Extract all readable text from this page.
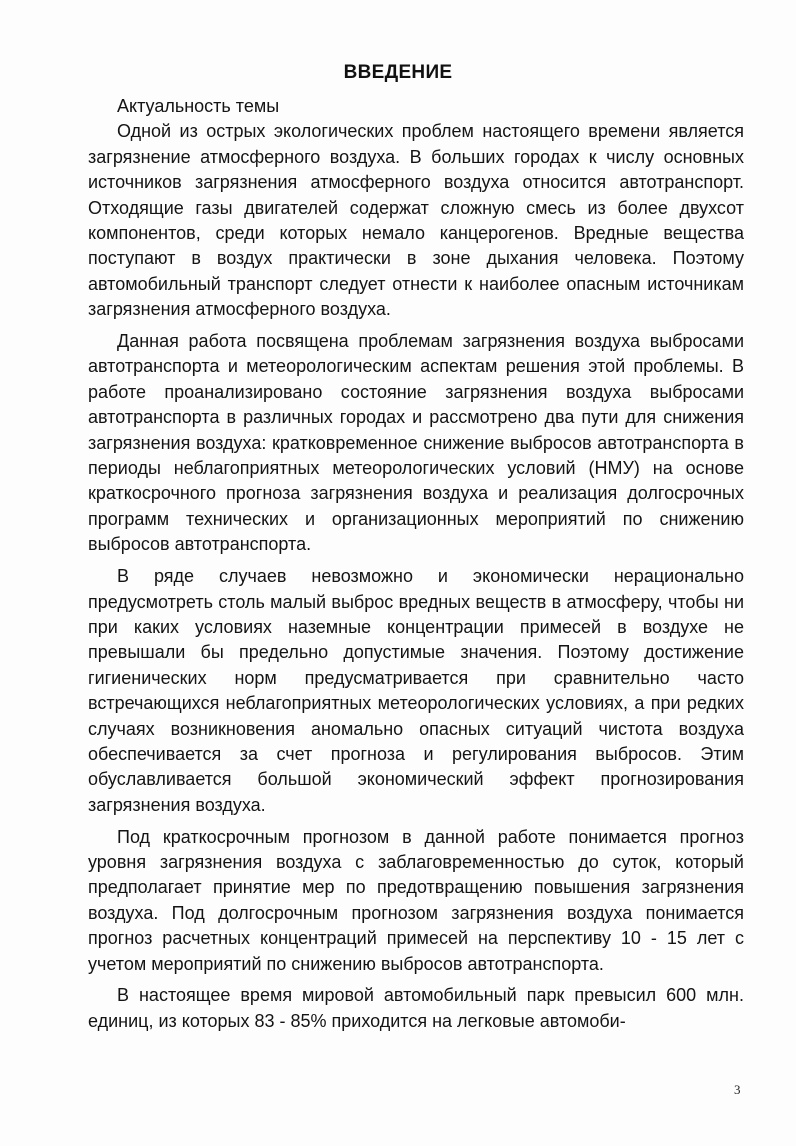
ВВЕДЕНИЕ

Актуальность темы

Одной из острых экологических проблем настоящего времени является загрязнение атмосферного воздуха. В больших городах к числу основных источников загрязнения атмосферного воздуха относится автотранспорт. Отходящие газы двигателей содержат сложную смесь из более двухсот компонентов, среди которых немало канцерогенов. Вредные вещества поступают в воздух практически в зоне дыхания человека. Поэтому автомобильный транспорт следует отнести к наиболее опасным источникам загрязнения атмосферного воздуха.

Данная работа посвящена проблемам загрязнения воздуха выбросами автотранспорта и метеорологическим аспектам решения этой проблемы. В работе проанализировано состояние загрязнения воздуха выбросами автотранспорта в различных городах и рассмотрено два пути для снижения загрязнения воздуха: кратковременное снижение выбросов автотранспорта в периоды неблагоприятных метеорологических условий (НМУ) на основе краткосрочного прогноза загрязнения воздуха и реализация долгосрочных программ технических и организационных мероприятий по снижению выбросов автотранспорта.

В ряде случаев невозможно и экономически нерационально предусмотреть столь малый выброс вредных веществ в атмосферу, чтобы ни при каких условиях наземные концентрации примесей в воздухе не превышали бы предельно допустимые значения. Поэтому достижение гигиенических норм предусматривается при сравнительно часто встречающихся неблагоприятных метеорологических условиях, а при редких случаях возникновения аномально опасных ситуаций чистота воздуха обеспечивается за счет прогноза и регулирования выбросов. Этим обуславливается большой экономический эффект прогнозирования загрязнения воздуха.

Под краткосрочным прогнозом в данной работе понимается прогноз уровня загрязнения воздуха с заблаговременностью до суток, который предполагает принятие мер по предотвращению повышения загрязнения воздуха. Под долгосрочным прогнозом загрязнения воздуха понимается прогноз расчетных концентраций примесей на перспективу 10 - 15 лет с учетом мероприятий по снижению выбросов автотранспорта.

В настоящее время мировой автомобильный парк превысил 600 млн. единиц, из которых 83 - 85% приходится на легковые автомоби-

3
